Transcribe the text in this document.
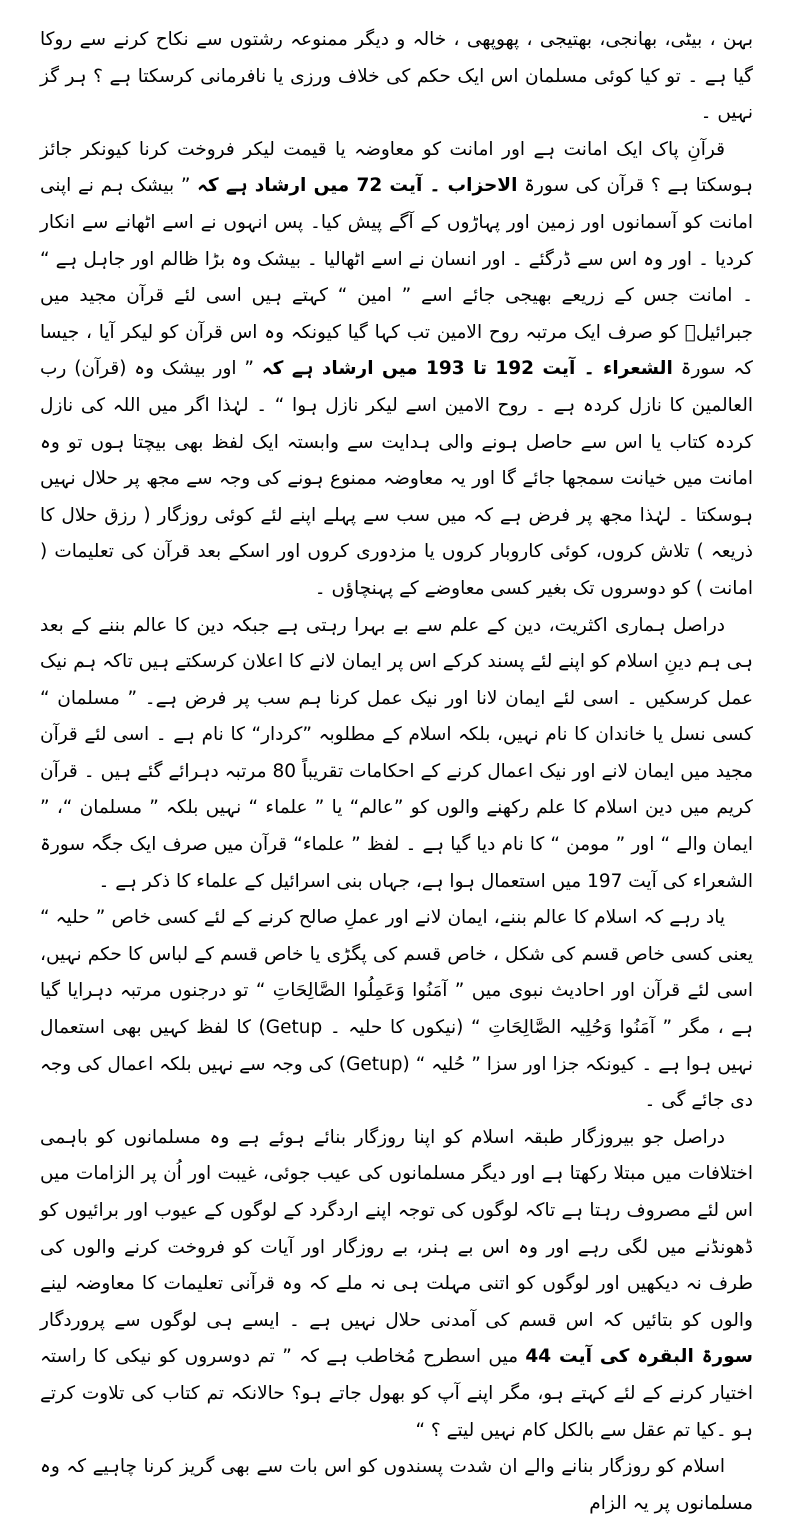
بہن ، بیٹی، بھانجی، بھتیجی ، پھوپھی ، خالہ و دیگر ممنوعہ رشتوں سے نکاح کرنے سے روکا گیا ہے ۔ تو کیا کوئی مسلمان اس ایک حکم کی خلاف ورزی یا نافرمانی کرسکتا ہے ؟ ہر گز نہیں ۔

قرآنِ پاک ایک امانت ہے اور امانت کو معاوضہ یا قیمت لیکر فروخت کرنا کیونکر جائز ہوسکتا ہے ؟ قرآن کی سورۃ الاحزاب ۔ آیت 72 میں ارشاد ہے کہ ” بیشک ہم نے اپنی امانت کو آسمانوں اور زمین اور پہاڑوں کے آگے پیش کیا۔ پس انہوں نے اسے اٹھانے سے انکار کردیا ۔ اور وہ اس سے ڈرگئے ۔ اور انسان نے اسے اٹھالیا ۔ بیشک وہ بڑا ظالم اور جاہل ہے “ ۔ امانت جس کے زریعے بھیجی جائے اسے ” امین “ کہتے ہیں اسی لئے قرآن مجید میں جبرائیلؑ کو صرف ایک مرتبہ روح الامین تب کہا گیا کیونکہ وہ اس قرآن کو لیکر آیا ، جیسا کہ سورۃ الشعراء ۔ آیت 192 تا 193 میں ارشاد ہے کہ ” اور بیشک وہ (قرآن) رب العالمین کا نازل کردہ ہے ۔ روح الامین اسے لیکر نازل ہوا “ ۔ لہٰذا اگر میں اللہ کی نازل کردہ کتاب یا اس سے حاصل ہونے والی ہدایت سے وابستہ ایک لفظ بھی بیچتا ہوں تو وہ امانت میں خیانت سمجھا جائے گا اور یہ معاوضہ ممنوع ہونے کی وجہ سے مجھ پر حلال نہیں ہوسکتا ۔ لہٰذا مجھ پر فرض ہے کہ میں سب سے پہلے اپنے لئے کوئی روزگار ( رزق حلال کا ذریعہ ) تلاش کروں، کوئی کاروبار کروں یا مزدوری کروں اور اسکے بعد قرآن کی تعلیمات ( امانت ) کو دوسروں تک بغیر کسی معاوضے کے پہنچاؤں ۔

دراصل ہماری اکثریت، دین کے علم سے بے بہرا رہتی ہے جبکہ دین کا عالم بننے کے بعد ہی ہم دینِ اسلام کو اپنے لئے پسند کرکے اس پر ایمان لانے کا اعلان کرسکتے ہیں تاکہ ہم نیک عمل کرسکیں ۔ اسی لئے ایمان لانا اور نیک عمل کرنا ہم سب پر فرض ہے۔ ” مسلمان “ کسی نسل یا خاندان کا نام نہیں، بلکہ اسلام کے مطلوبہ ”کردار“ کا نام ہے ۔ اسی لئے قرآن مجید میں ایمان لانے اور نیک اعمال کرنے کے احکامات تقریباً 80 مرتبہ دہرائے گئے ہیں ۔ قرآن کریم میں دین اسلام کا علم رکھنے والوں کو ”عالم“ یا ” علماء “ نہیں بلکہ ” مسلمان “، ” ایمان والے “ اور ” مومن “ کا نام دیا گیا ہے ۔ لفظ ” علماء“ قرآن میں صرف ایک جگہ سورۃ الشعراء کی آیت 197 میں استعمال ہوا ہے، جہاں بنی اسرائیل کے علماء کا ذکر ہے ۔

یاد رہے کہ اسلام کا عالم بننے، ایمان لانے اور عملِ صالح کرنے کے لئے کسی خاص ” حلیہ “ یعنی کسی خاص قسم کی شکل ، خاص قسم کی پگڑی یا خاص قسم کے لباس کا حکم نہیں، اسی لئے قرآن اور احادیث نبوی میں ” آمَنُوا وَعَمِلُوا الصَّالِحَاتِ “ تو درجنوں مرتبہ دہرایا گیا ہے ، مگر ” آمَنُوا وَحُلِیہ الصَّالِحَاتِ “ (نیکوں کا حلیہ ۔ Getup) کا لفظ کہیں بھی استعمال نہیں ہوا ہے ۔ کیونکہ جزا اور سزا ” حُلیہ “ (Getup) کی وجہ سے نہیں بلکہ اعمال کی وجہ دی جائے گی ۔

دراصل جو بیروزگار طبقہ اسلام کو اپنا روزگار بنائے ہوئے ہے وہ مسلمانوں کو باہمی اختلافات میں مبتلا رکھتا ہے اور دیگر مسلمانوں کی عیب جوئی، غیبت اور اُن پر الزامات میں اس لئے مصروف رہتا ہے تاکہ لوگوں کی توجہ اپنے اردگرد کے لوگوں کے عیوب اور برائیوں کو ڈھونڈنے میں لگی رہے اور وہ اس بے ہنر، بے روزگار اور آیات کو فروخت کرنے والوں کی طرف نہ دیکھیں اور لوگوں کو اتنی مہلت ہی نہ ملے کہ وہ قرآنی تعلیمات کا معاوضہ لینے والوں کو بتائیں کہ اس قسم کی آمدنی حلال نہیں ہے ۔ ایسے ہی لوگوں سے پروردگار سورۃ البقرہ کی آیت 44 میں اسطرح مُخاطب ہے کہ ” تم دوسروں کو نیکی کا راستہ اختیار کرنے کے لئے کہتے ہو، مگر اپنے آپ کو بھول جاتے ہو؟ حالانکہ تم کتاب کی تلاوت کرتے ہو ۔کیا تم عقل سے بالکل کام نہیں لیتے ؟ “

اسلام کو روزگار بنانے والے ان شدت پسندوں کو اس بات سے بھی گریز کرنا چاہیے کہ وہ مسلمانوں پر یہ الزام
